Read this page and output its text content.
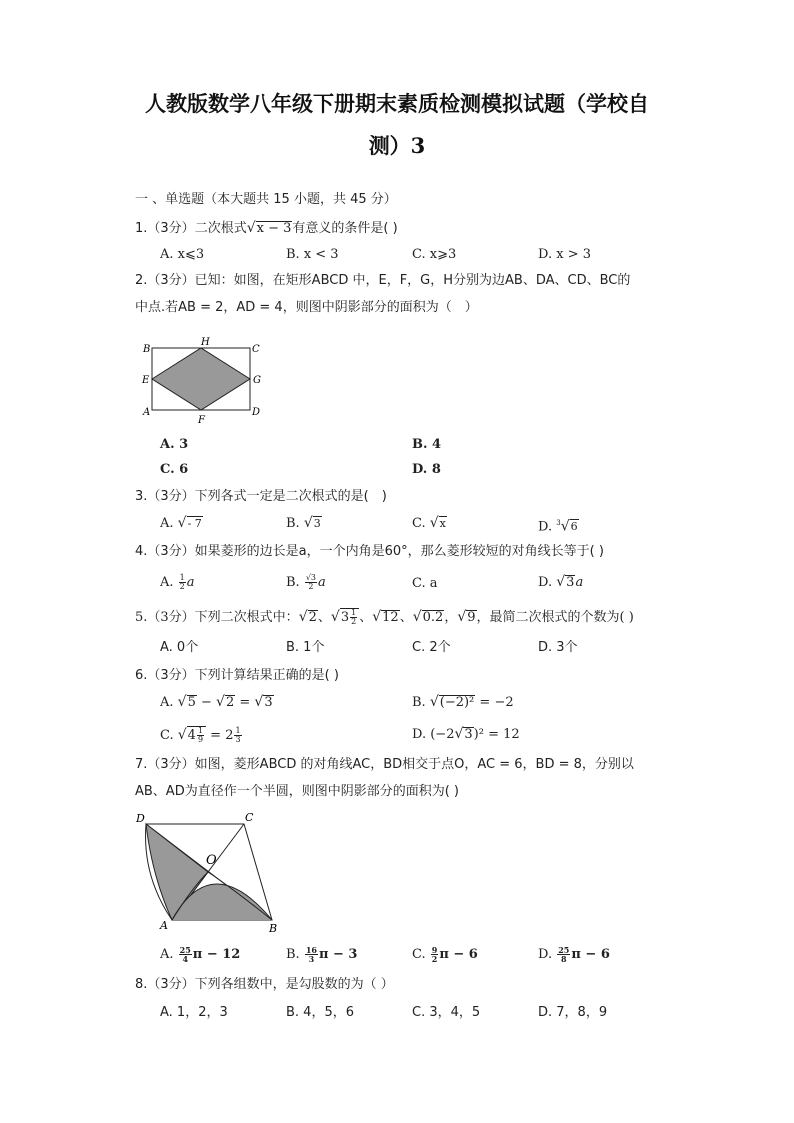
人教版数学八年级下册期末素质检测模拟试题（学校自
测）3
一 、单选题（本大题共 15 小题，共 45 分）
1.（3分）二次根式√x − 3有意义的条件是( )
A. x⩽3	B. x < 3	C. x⩾3	D. x > 3
2.（3分）已知：如图，在矩形ABCD 中，E，F，G，H分别为边AB、DA、CD、BC的
中点.若AB = 2，AD = 4，则图中阴影部分的面积为（　）
B
H
C
E	G
A
F
D
A. 3	B. 4
C. 6	D. 8
3.（3分）下列各式一定是二次根式的是(　)
A. √- 7	B. √3	C. √x	D. $^3$√6
4.（3分）如果菱形的边长是a，一个内角是60°，那么菱形较短的对角线长等于( )
A. $\frac{1}{2}$ a	B. $\frac{√3}{2}$ a	C. a	D. √3a
5.（3分）下列二次根式中：√2、$√3 \frac{1}{2}$ 、√12、√0.2，√9，最简二次根式的个数为( )
A. 0个	B. 1个	C. 2个	D. 3个
6.（3分）下列计算结果正确的是( )
A. √5 − √2 = √3	B. √(−2)² = −2
C. $√4 \frac{1}{9} = 2 \frac{1}{3}$	D. (−2√3)² = 12
7.（3分）如图，菱形ABCD 的对角线AC，BD相交于点O，AC = 6，BD = 8，分别以
AB、AD为直径作一个半圆，则图中阴影部分的面积为( )
D	C
O
A	B
A. $\frac{25}{4}$ π − 12	B. $\frac{16}{3}$ π − 3	C. $\frac{9}{2}$ π − 6	D. $\frac{25}{8}$ π − 6
8.（3分）下列各组数中，是勾股数的为（ ）
A. 1，2，3	B. 4，5，6	C. 3，4，5	D. 7，8，9
